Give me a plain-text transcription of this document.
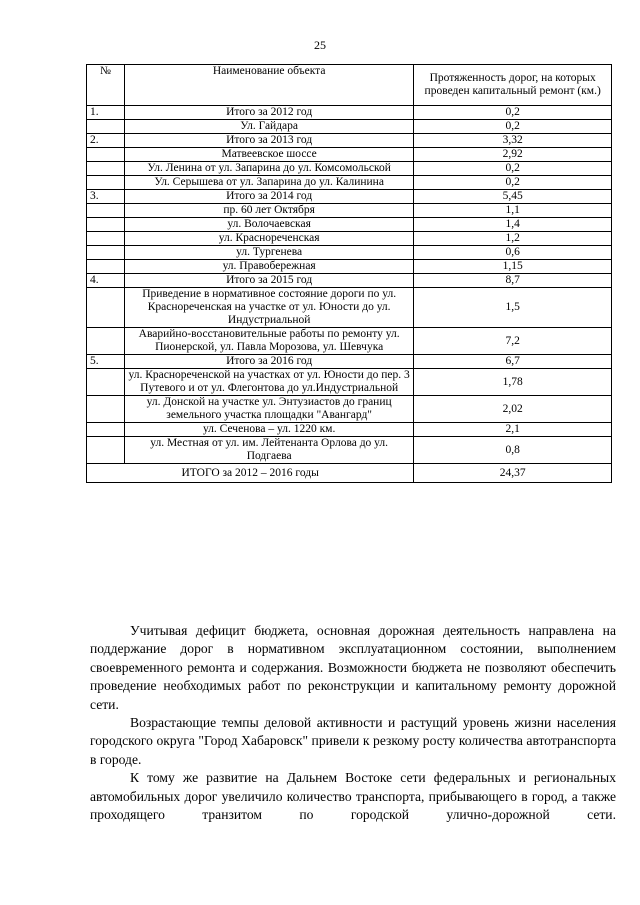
25
№	Наименование объекта	Протяженность дорог, на которых проведен капитальный ремонт (км.)
1.	Итого за 2012 год	0,2
	Ул. Гайдара	0,2
2.	Итого за 2013 год	3,32
	Матвеевское шоссе	2,92
	Ул. Ленина от ул. Запарина до ул. Комсомольской	0,2
	Ул. Серышева от ул. Запарина до ул. Калинина	0,2
3.	Итого за 2014 год	5,45
	пр. 60 лет Октября	1,1
	ул. Волочаевская	1,4
	ул. Краснореченская	1,2
	ул. Тургенева	0,6
	ул. Правобережная	1,15
4.	Итого за 2015 год	8,7
	Приведение в нормативное состояние дороги по ул. Краснореченская на участке от ул. Юности до ул. Индустриальной	1,5
	Аварийно-восстановительные работы по ремонту ул. Пионерской, ул. Павла Морозова, ул. Шевчука	7,2
5.	Итого за 2016 год	6,7
	ул. Краснореченской на участках от ул. Юности до пер. 3 Путевого и от ул. Флегонтова до ул.Индустриальной	1,78
	ул. Донской на участке ул. Энтузиастов до границ земельного участка площадки "Авангард"	2,02
	ул. Сеченова – ул. 1220 км.	2,1
	ул. Местная от ул. им. Лейтенанта Орлова до ул. Подгаева	0,8
ИТОГО за 2012 – 2016 годы		24,37

Учитывая дефицит бюджета, основная дорожная деятельность направлена на поддержание дорог в нормативном эксплуатационном состоянии, выполнением своевременного ремонта и содержания. Возможности бюджета не позволяют обеспечить проведение необходимых работ по реконструкции и капитальному ремонту дорожной сети.

Возрастающие темпы деловой активности и растущий уровень жизни населения городского округа "Город Хабаровск" привели к резкому росту количества автотранспорта в городе.

К тому же развитие на Дальнем Востоке сети федеральных и региональных автомобильных дорог увеличило количество транспорта, прибывающего в город, а также проходящего транзитом по городской улично-дорожной сети.
